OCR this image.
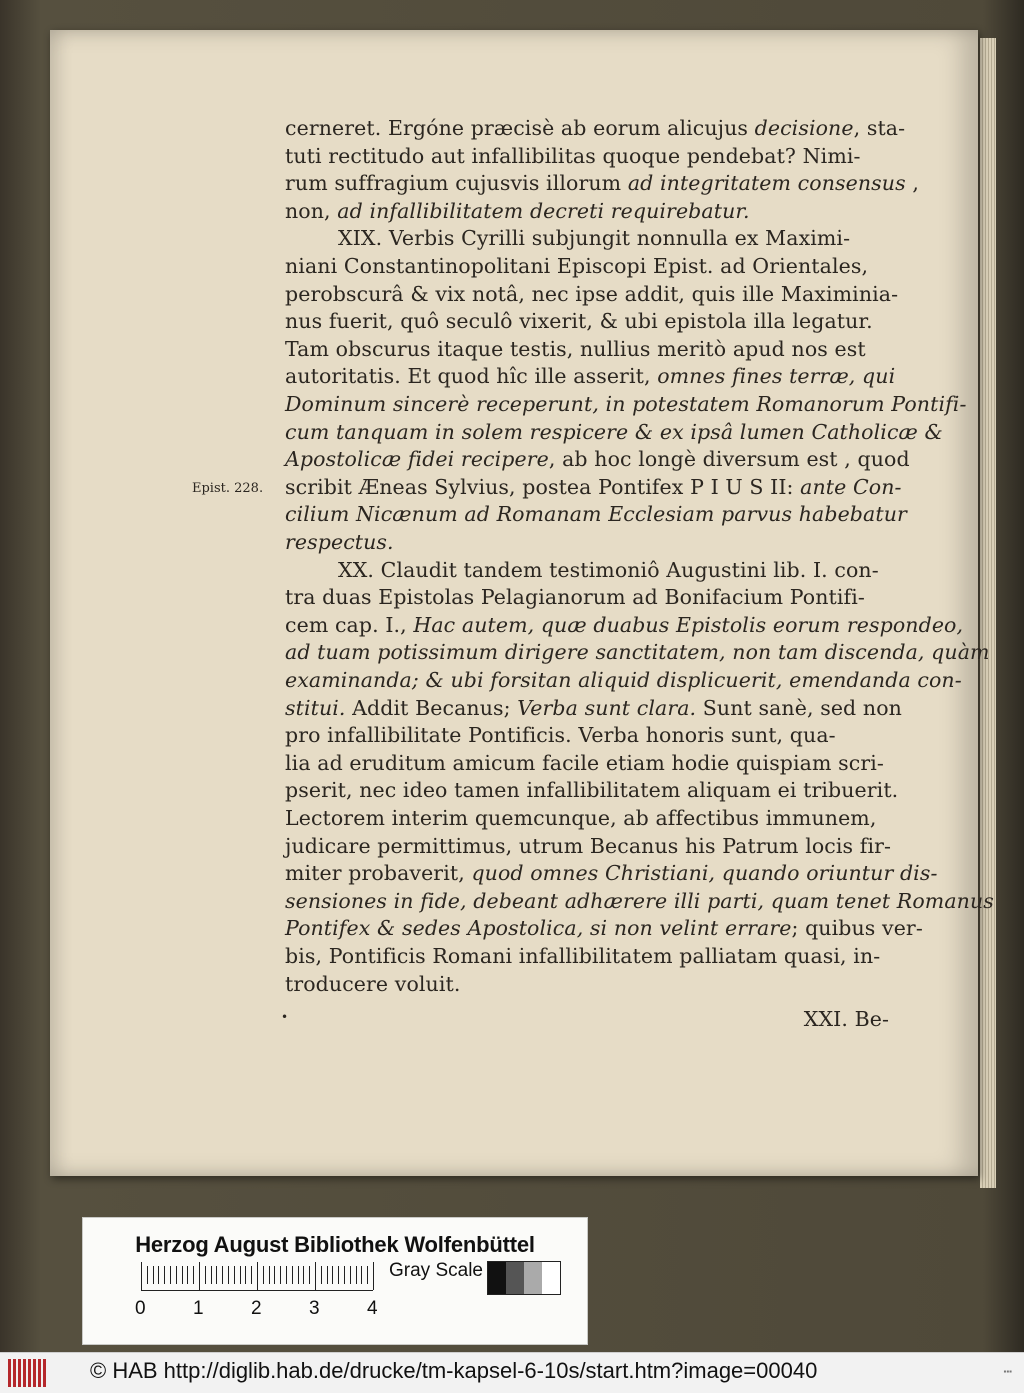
cerneret. Ergóne præcisè ab eorum alicujus decisione, sta-
tuti rectitudo aut infallibilitas quoque pendebat? Nimi-
rum suffragium cujusvis illorum ad integritatem consensus ,
non, ad infallibilitatem decreti requirebatur.
XIX. Verbis Cyrilli subjungit nonnulla ex Maximi-
niani Constantinopolitani Episcopi Epist. ad Orientales,
perobscurâ & vix notâ, nec ipse addit, quis ille Maximinia-
nus fuerit, quô seculô vixerit, & ubi epistola illa legatur.
Tam obscurus itaque testis, nullius meritò apud nos est
autoritatis. Et quod hîc ille asserit, omnes fines terræ, qui
Dominum sincerè receperunt, in potestatem Romanorum Pontifi-
cum tanquam in solem respicere & ex ipsâ lumen Catholicæ &
Apostolicæ fidei recipere, ab hoc longè diversum est , quod
scribit Æneas Sylvius, postea Pontifex P I U S II: ante Con-
cilium Nicænum ad Romanam Ecclesiam parvus habebatur
respectus.
XX. Claudit tandem testimoniô Augustini lib. I. con-
tra duas Epistolas Pelagianorum ad Bonifacium Pontifi-
cem cap. I., Hac autem, quæ duabus Epistolis eorum respondeo,
ad tuam potissimum dirigere sanctitatem, non tam discenda, quàm
examinanda; & ubi forsitan aliquid displicuerit, emendanda con-
stitui. Addit Becanus; Verba sunt clara. Sunt sanè, sed non
pro infallibilitate Pontificis. Verba honoris sunt, qua-
lia ad eruditum amicum facile etiam hodie quispiam scri-
pserit, nec ideo tamen infallibilitatem aliquam ei tribuerit.
Lectorem interim quemcunque, ab affectibus immunem,
judicare permittimus, utrum Becanus his Patrum locis fir-
miter probaverit, quod omnes Christiani, quando oriuntur dis-
sensiones in fide, debeant adhærere illi parti, quam tenet Romanus
Pontifex & sedes Apostolica, si non velint errare; quibus ver-
bis, Pontificis Romani infallibilitatem palliatam quasi, in-
troducere voluit.
Epist. 228.
•	XXI. Be-
Herzog August Bibliothek Wolfenbüttel
0 1 2 3 4
Gray Scale
© HAB http://diglib.hab.de/drucke/tm-kapsel-6-10s/start.htm?image=00040	▪▪▪
